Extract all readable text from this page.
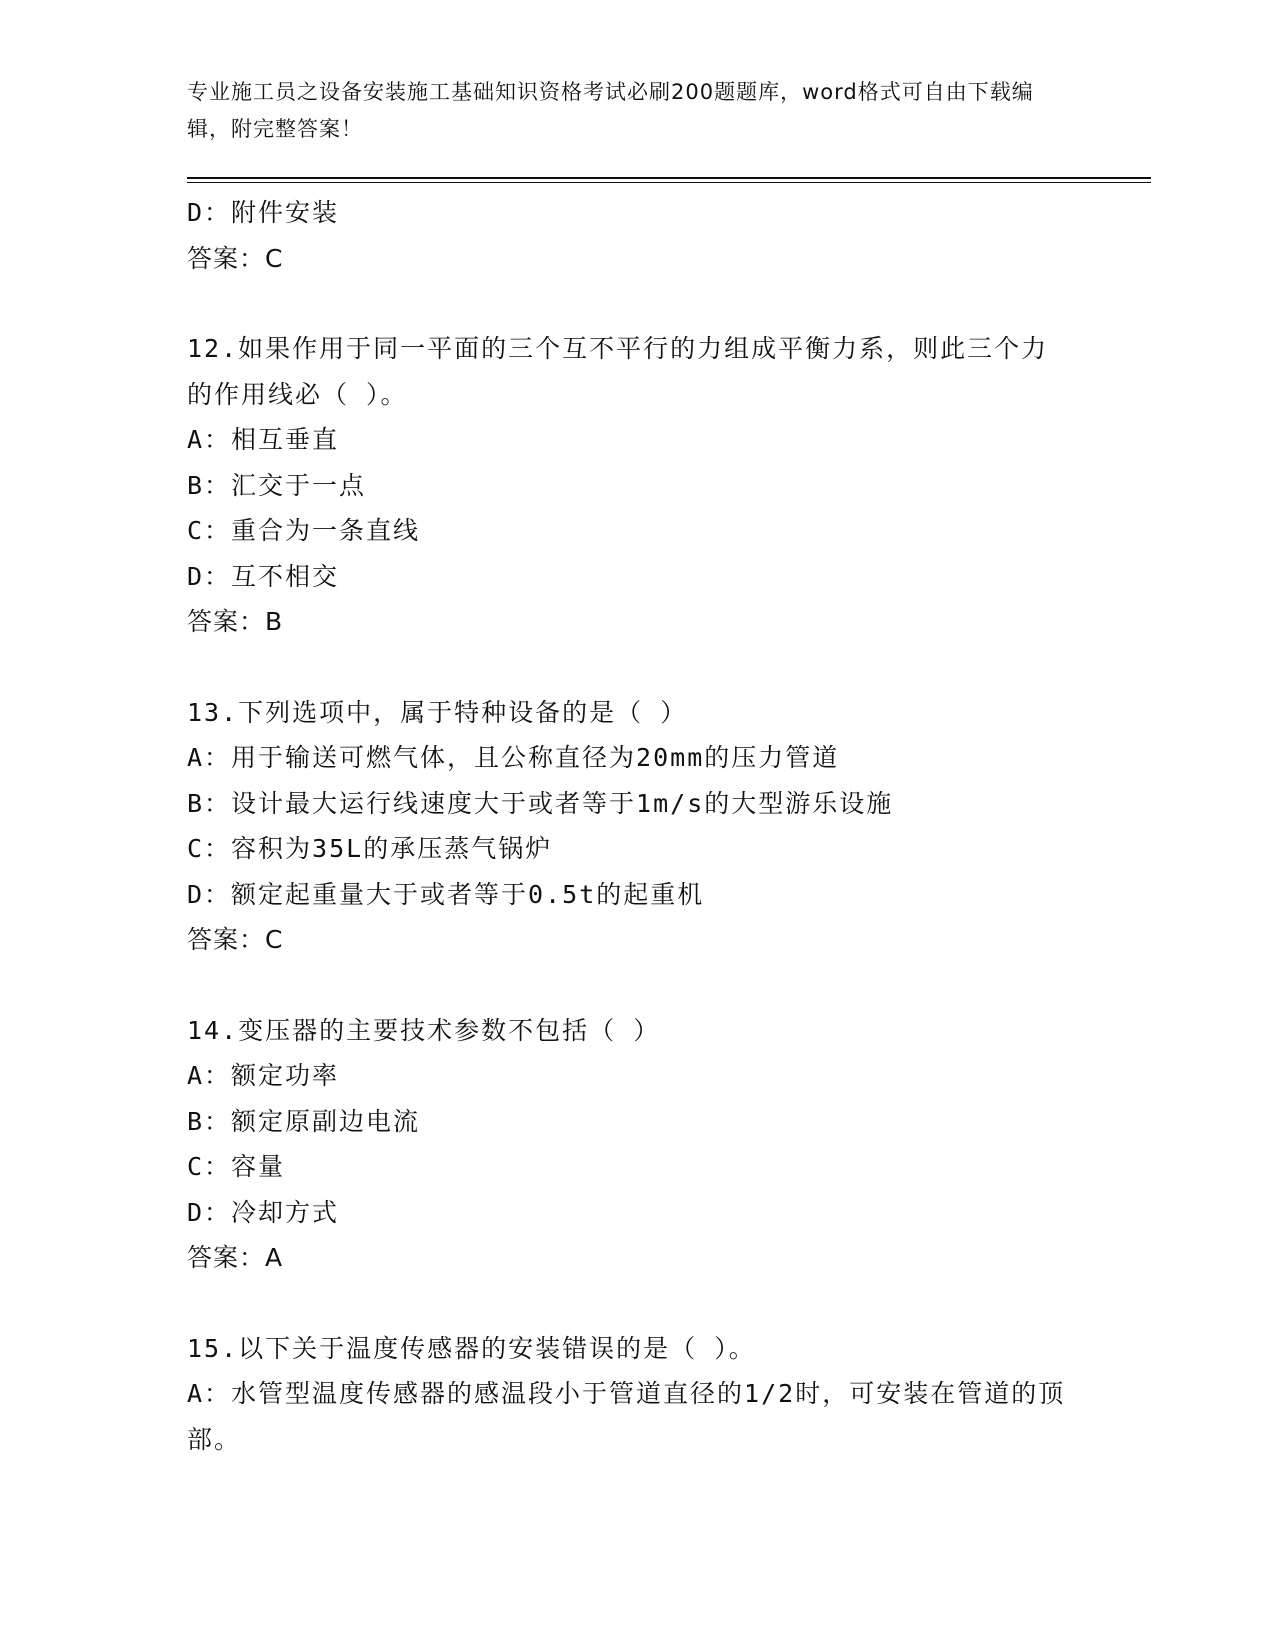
专业施工员之设备安装施工基础知识资格考试必刷200题题库，word格式可自由下载编辑，附完整答案！
D：附件安装
答案：C
12.如果作用于同一平面的三个互不平行的力组成平衡力系，则此三个力的作用线必（ ）。
A：相互垂直
B：汇交于一点
C：重合为一条直线
D：互不相交
答案：B
13.下列选项中，属于特种设备的是（ ）
A：用于输送可燃气体，且公称直径为20mm的压力管道
B：设计最大运行线速度大于或者等于1m/s的大型游乐设施
C：容积为35L的承压蒸气锅炉
D：额定起重量大于或者等于0.5t的起重机
答案：C
14.变压器的主要技术参数不包括（ ）
A：额定功率
B：额定原副边电流
C：容量
D：冷却方式
答案：A
15.以下关于温度传感器的安装错误的是（ ）。
A：水管型温度传感器的感温段小于管道直径的1/2时，可安装在管道的顶部。
